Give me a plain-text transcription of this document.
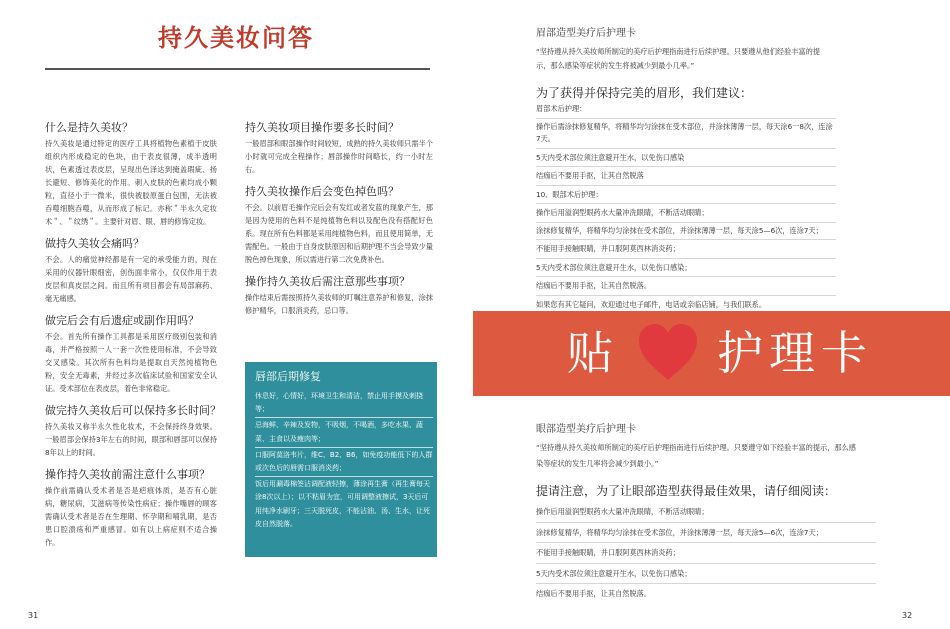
持久美妆问答
什么是持久美妆？

持久美妆是通过特定的医疗工具将植物色素植于皮肤组织内形成稳定的色块，由于表皮很薄，成半透明状，色素透过表皮层，呈现出色泽达到掩盖瑕疵、扬长避短、修饰美化的作用。刺入皮肤的色素均成小颗粒，直径小于一微米，很快被胶原蛋白包围，无法被吞噬细胞吞噬，从而形成了标记。亦称＂半永久定妆术＂、＂纹绣＂。主要针对眉、眼、唇的修饰定妆。

做持久美妆会痛吗？

不会。人的痛觉神经都是有一定的承受能力的，现在采用的仪器针眼细密，创伤面非常小，仅仅作用于表皮层和真皮层之间。而且所有项目都会有局部麻药、毫无痛感。

做完后会有后遗症或副作用吗？

不会。首先所有操作工具都是采用医疗级别包装和消毒，并严格按照一人一套一次性使用标准，不会导致交叉感染。其次所有色料均是提取自天然纯植物色粉，安全无毒素，并经过多次临床试验和国家安全认证。受术部位在表皮层，着色非常稳定。

做完持久美妆后可以保持多长时间？

持久美妆又称半永久性化妆术，不会保持终身效果。一般眉部会保持3年左右的时间，眼部和唇部可以保持8年以上的时间。

操作持久美妆前需注意什么事项？

操作前需确认受术者是否是疤痕体质，是否有心脏病，糖尿病，艾滋病等传染性病症；操作嘴唇的顾客需确认受术者是否在生理期、怀孕期和哺乳期，是否患口腔溃疡和严重感冒。如有以上病症则不适合操作。

持久美妆项目操作要多长时间？

一般眉部和眼部操作时间较短，成熟的持久美妆师只需半个小时就可完成全程操作；唇部操作时间略长，约一小时左右。

持久美妆操作后会变色掉色吗？

不会。以前眉毛操作完后会有发红或者发蓝的现象产生，那是因为使用的色料不是纯植物色料以及配色没有搭配好色系。现在所有色料都是采用纯植物色料，而且使用简单，无需配色。一般由于自身皮肤原因和后期护理不当会导致少量脱色掉色现象，所以需进行第二次免费补色。

操作持久美妆后需注意那些事项？

操作结束后需按照持久美妆师的叮嘱注意养护和修复，涂抹修护精华，口服消炎药，忌口等。

唇部后期修复
休息好，心情好，环境卫生和清洁，禁止用手摸及刺挠等；
忌海鲜、辛辣及发物，不吸烟，不喝酒，多吃水果、蔬菜、主食以及瘦肉等；
口服阿莫洛韦片，维C、B2、B6，如免疫功能低下的人群或次色后的唇需口服消炎药；
饭后用涮毒棉签沾调配液轻擦，薄涂再生膏（再生膏每天涂8次以上）；以不粘眉为宜，可用调整液擦试，3天后可用纯净水刷牙；三天脱死皮，不能沾油、汤、生水，让死皮自然脱落。
31
眉部造型美疗后护理卡
“坚持遵从持久美妆师所制定的美疗后护理指南进行后续护理。只要遵从他们经验丰富的提示，那么感染等症状的发生将被减少到最小几率。”
为了获得并保持完美的眉形，我们建议：
眉部术后护理：
操作后需涂抹修复精华，将精华均匀涂抹在受术部位，并涂抹薄薄一层，每天涂6一8次，连涂7天。
5天内受术部位须注意避开生水，以免伤口感染
结痂后不要用手抠，让其自然脱落
10、眼部术后护理：
操作后用溢润型眼药水大量冲洗眼睛，不断活动眼睛；
涂抹修复精华，将精华均匀涂抹在受术部位，并涂抹薄薄一层，每天涂5—6次，连涂7天；
不能用手接触眼睛，并口服阿莫西林消炎药；
5天内受术部位须注意避开生水，以免伤口感染；
结痂后不要用手抠，让其自然脱落。
如果您有其它疑问，欢迎通过电子邮件，电话或亲临店铺，与我们联系。
贴 护理卡
眼部造型美疗后护理卡
“坚持遵从持久美妆师所制定的美疗后护理指南进行后续护理。只要遵守如下经验丰富的提示，那么感染等症状的发生几率将会减少到最小。”
提请注意，为了让眼部造型获得最佳效果，请仔细阅读：
操作后用溢润型眼药水大量冲洗眼睛，不断活动眼睛；
涂抹修复精华，将精华均匀涂抹在受术部位，并涂抹薄薄一层，每天涂5—6次，连涂7天；
不能用手接触眼睛，并口服阿莫西林消炎药；
5天内受术部位须注意避开生水，以免伤口感染；
结痂后不要用手抠，让其自然脱落。
32
